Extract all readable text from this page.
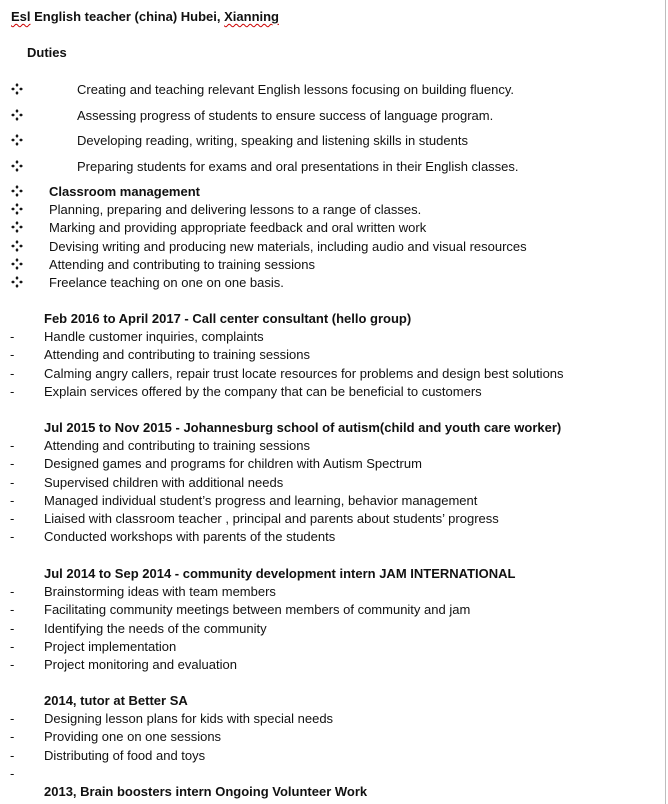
Esl English teacher (china) Hubei, Xianning
Duties
Creating and teaching relevant English lessons focusing on building fluency.
Assessing progress of students to ensure success of language program.
Developing reading, writing, speaking and listening skills in students
Preparing students for exams and oral presentations in their English classes.
Classroom management
Planning, preparing and delivering lessons to a range of classes.
Marking and providing appropriate feedback and oral written work
Devising writing and producing new materials, including audio and visual resources
Attending and contributing to training sessions
Freelance teaching on one on one basis.
Feb 2016 to April 2017 - Call center consultant (hello group)
- Handle customer inquiries, complaints
- Attending and contributing to training sessions
- Calming angry callers, repair trust locate resources for problems and design best solutions
- Explain services offered by the company that can be beneficial to customers
Jul 2015 to Nov 2015 - Johannesburg school of autism(child and youth care worker)
- Attending and contributing to training sessions
- Designed games and programs for children with Autism Spectrum
- Supervised children with additional needs
- Managed individual student’s progress and learning, behavior management
- Liaised with classroom teacher , principal and parents about students’ progress
- Conducted workshops with parents of the students
Jul 2014 to Sep 2014 - community development intern JAM INTERNATIONAL
- Brainstorming ideas with team members
- Facilitating community meetings between members of community and jam
- Identifying the needs of the community
- Project implementation
- Project monitoring and evaluation
2014, tutor at Better SA
- Designing lesson plans for kids with special needs
- Providing one on one sessions
- Distributing of food and toys
-
2013, Brain boosters intern Ongoing Volunteer Work
